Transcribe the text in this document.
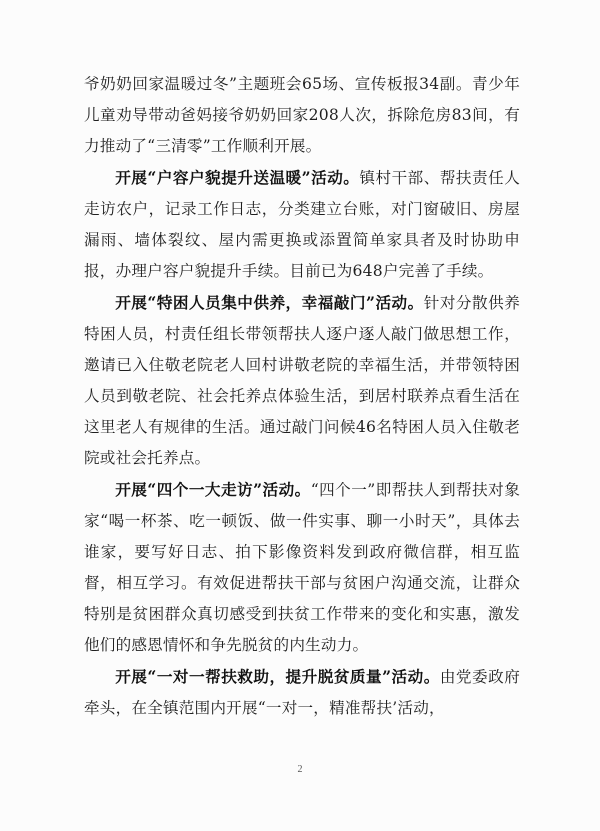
爷奶奶回家温暖过冬”主题班会65场、宣传板报34副。青少年儿童劝导带动爸妈接爷奶奶回家208人次，拆除危房83间，有力推动了“三清零”工作顺利开展。

开展“户容户貌提升送温暖”活动。镇村干部、帮扶责任人走访农户，记录工作日志，分类建立台账，对门窗破旧、房屋漏雨、墙体裂纹、屋内需更换或添置简单家具者及时协助申报，办理户容户貌提升手续。目前已为648户完善了手续。

开展“特困人员集中供养，幸福敲门”活动。针对分散供养特困人员，村责任组长带领帮扶人逐户逐人敲门做思想工作，邀请已入住敬老院老人回村讲敬老院的幸福生活，并带领特困人员到敬老院、社会托养点体验生活，到居村联养点看生活在这里老人有规律的生活。通过敲门问候46名特困人员入住敬老院或社会托养点。

开展“四个一大走访”活动。“四个一”即帮扶人到帮扶对象家“喝一杯茶、吃一顿饭、做一件实事、聊一小时天”，具体去谁家，要写好日志、拍下影像资料发到政府微信群，相互监督，相互学习。有效促进帮扶干部与贫困户沟通交流，让群众特别是贫困群众真切感受到扶贫工作带来的变化和实惠，激发他们的感恩情怀和争先脱贫的内生动力。

开展“一对一帮扶救助，提升脱贫质量”活动。由党委政府牵头，在全镇范围内开展“一对一，精准帮扶’活动，

2
